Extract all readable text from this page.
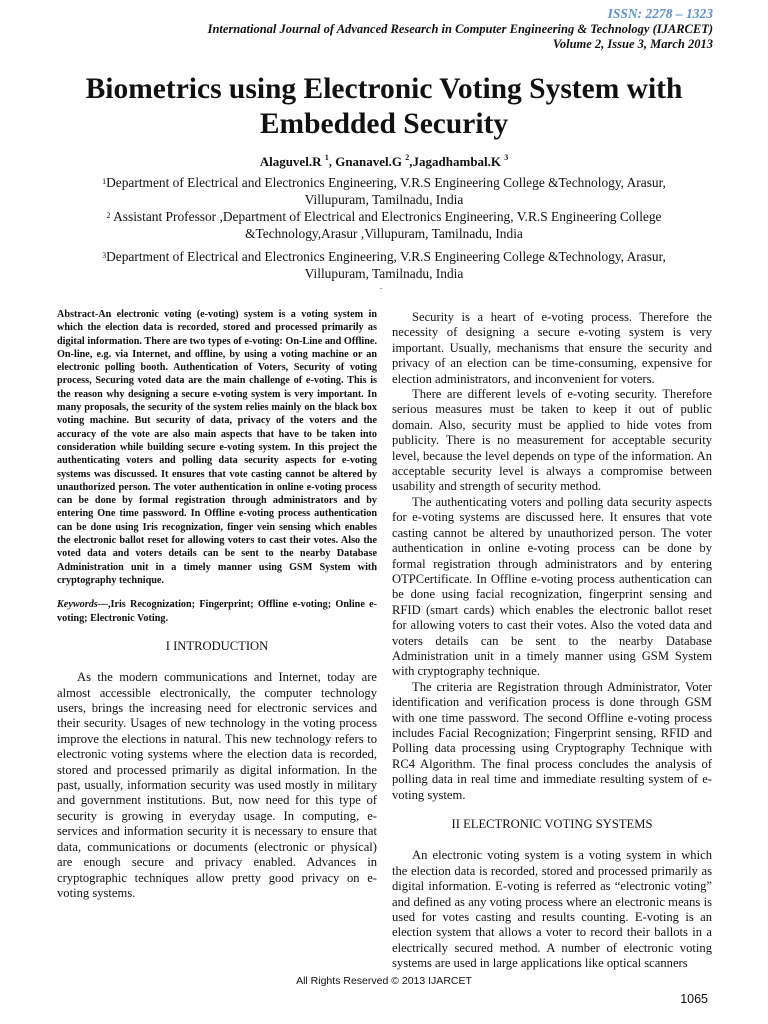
ISSN: 2278 – 1323
International Journal of Advanced Research in Computer Engineering & Technology (IJARCET)
Volume 2, Issue 3, March 2013
Biometrics using Electronic Voting System with Embedded Security
Alaguvel.R $^1$, Gnanavel.G $^2$,Jagadhambal.K $^3$

$^1$Department of Electrical and Electronics Engineering, V.R.S Engineering College &Technology, Arasur, Villupuram, Tamilnadu, India

$^2$ Assistant Professor ,Department of Electrical and Electronics Engineering, V.R.S Engineering College &Technology,Arasur ,Villupuram, Tamilnadu, India

$^3$Department of Electrical and Electronics Engineering, V.R.S Engineering College &Technology, Arasur, Villupuram, Tamilnadu, India

.

Abstract-An electronic voting (e-voting) system is a voting system in which the election data is recorded, stored and processed primarily as digital information. There are two types of e-voting: On-Line and Offline. On-line, e.g. via Internet, and offline, by using a voting machine or an electronic polling booth. Authentication of Voters, Security of voting process, Securing voted data are the main challenge of e-voting. This is the reason why designing a secure e-voting system is very important. In many proposals, the security of the system relies mainly on the black box voting machine. But security of data, privacy of the voters and the accuracy of the vote are also main aspects that have to be taken into consideration while building secure e-voting system. In this project the authenticating voters and polling data security aspects for e-voting systems was discussed. It ensures that vote casting cannot be altered by unauthorized person. The voter authentication in online e-voting process can be done by formal registration through administrators and by entering One time password. In Offline e-voting process authentication can be done using Iris recognization, finger vein sensing which enables the electronic ballot reset for allowing voters to cast their votes. Also the voted data and voters details can be sent to the nearby Database Administration unit in a timely manner using GSM System with cryptography technique.

Keywords—,Iris Recognization; Fingerprint; Offline e-voting; Online e-voting; Electronic Voting.

I INTRODUCTION

As the modern communications and Internet, today are almost accessible electronically, the computer technology users, brings the increasing need for electronic services and their security. Usages of new technology in the voting process improve the elections in natural. This new technology refers to electronic voting systems where the election data is recorded, stored and processed primarily as digital information. In the past, usually, information security was used mostly in military and government institutions. But, now need for this type of security is growing in everyday usage. In computing, e-services and information security it is necessary to ensure that data, communications or documents (electronic or physical) are enough secure and privacy enabled. Advances in cryptographic techniques allow pretty good privacy on e-voting systems.

Security is a heart of e-voting process. Therefore the necessity of designing a secure e-voting system is very important. Usually, mechanisms that ensure the security and privacy of an election can be time-consuming, expensive for election administrators, and inconvenient for voters.

There are different levels of e-voting security. Therefore serious measures must be taken to keep it out of public domain. Also, security must be applied to hide votes from publicity. There is no measurement for acceptable security level, because the level depends on type of the information. An acceptable security level is always a compromise between usability and strength of security method.

The authenticating voters and polling data security aspects for e-voting systems are discussed here. It ensures that vote casting cannot be altered by unauthorized person. The voter authentication in online e-voting process can be done by formal registration through administrators and by entering OTPCertificate. In Offline e-voting process authentication can be done using facial recognization, fingerprint sensing and RFID (smart cards) which enables the electronic ballot reset for allowing voters to cast their votes. Also the voted data and voters details can be sent to the nearby Database Administration unit in a timely manner using GSM System with cryptography technique.

The criteria are Registration through Administrator, Voter identification and verification process is done through GSM with one time password. The second Offline e-voting process includes Facial Recognization; Fingerprint sensing, RFID and Polling data processing using Cryptography Technique with RC4 Algorithm. The final process concludes the analysis of polling data in real time and immediate resulting system of e-voting system.

II ELECTRONIC VOTING SYSTEMS

An electronic voting system is a voting system in which the election data is recorded, stored and processed primarily as digital information. E-voting is referred as “electronic voting” and defined as any voting process where an electronic means is used for votes casting and results counting. E-voting is an election system that allows a voter to record their ballots in a electrically secured method. A number of electronic voting systems are used in large applications like optical scanners

All Rights Reserved © 2013 IJARCET
1065
